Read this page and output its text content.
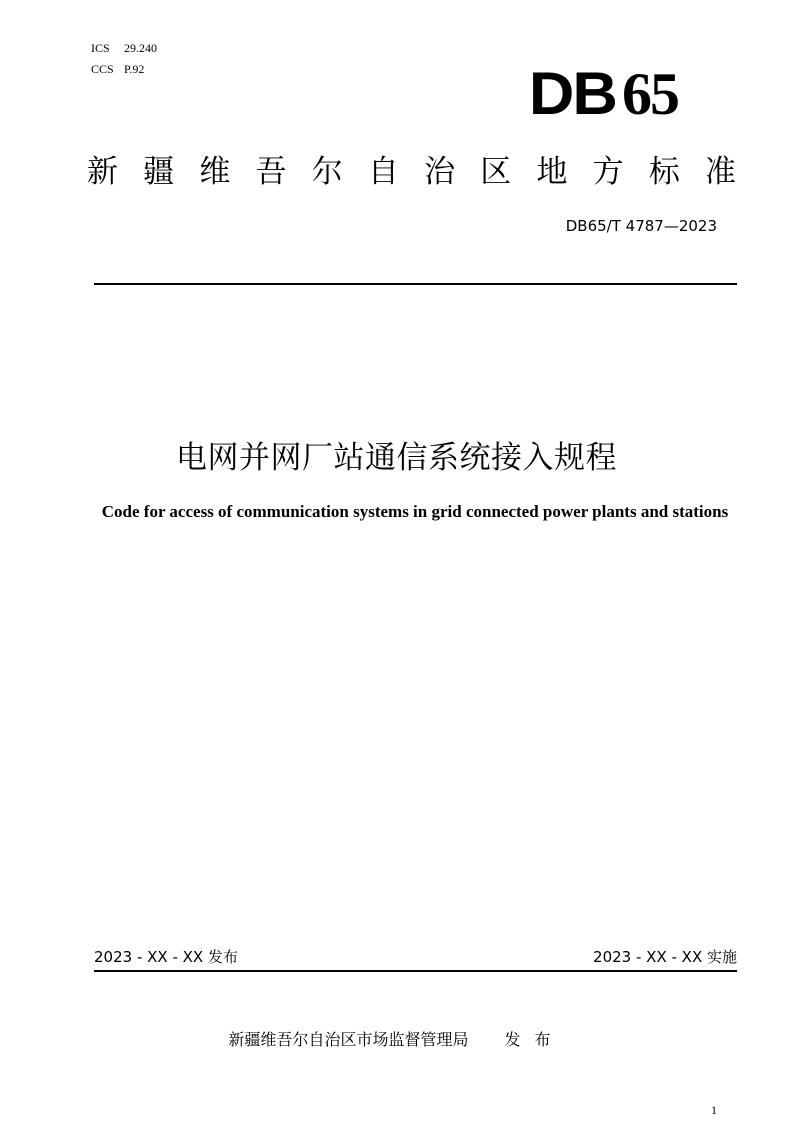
ICS	29.240
CCS P.92	DB65
新疆维吾尔自治区地方标准
DB65/T 4787—2023
电网并网厂站通信系统接入规程
Code for access of communication systems in grid connected power plants and stations
2023 - XX - XX 发布	2023 - XX - XX 实施
新疆维吾尔自治区市场监督管理局 发布
1
